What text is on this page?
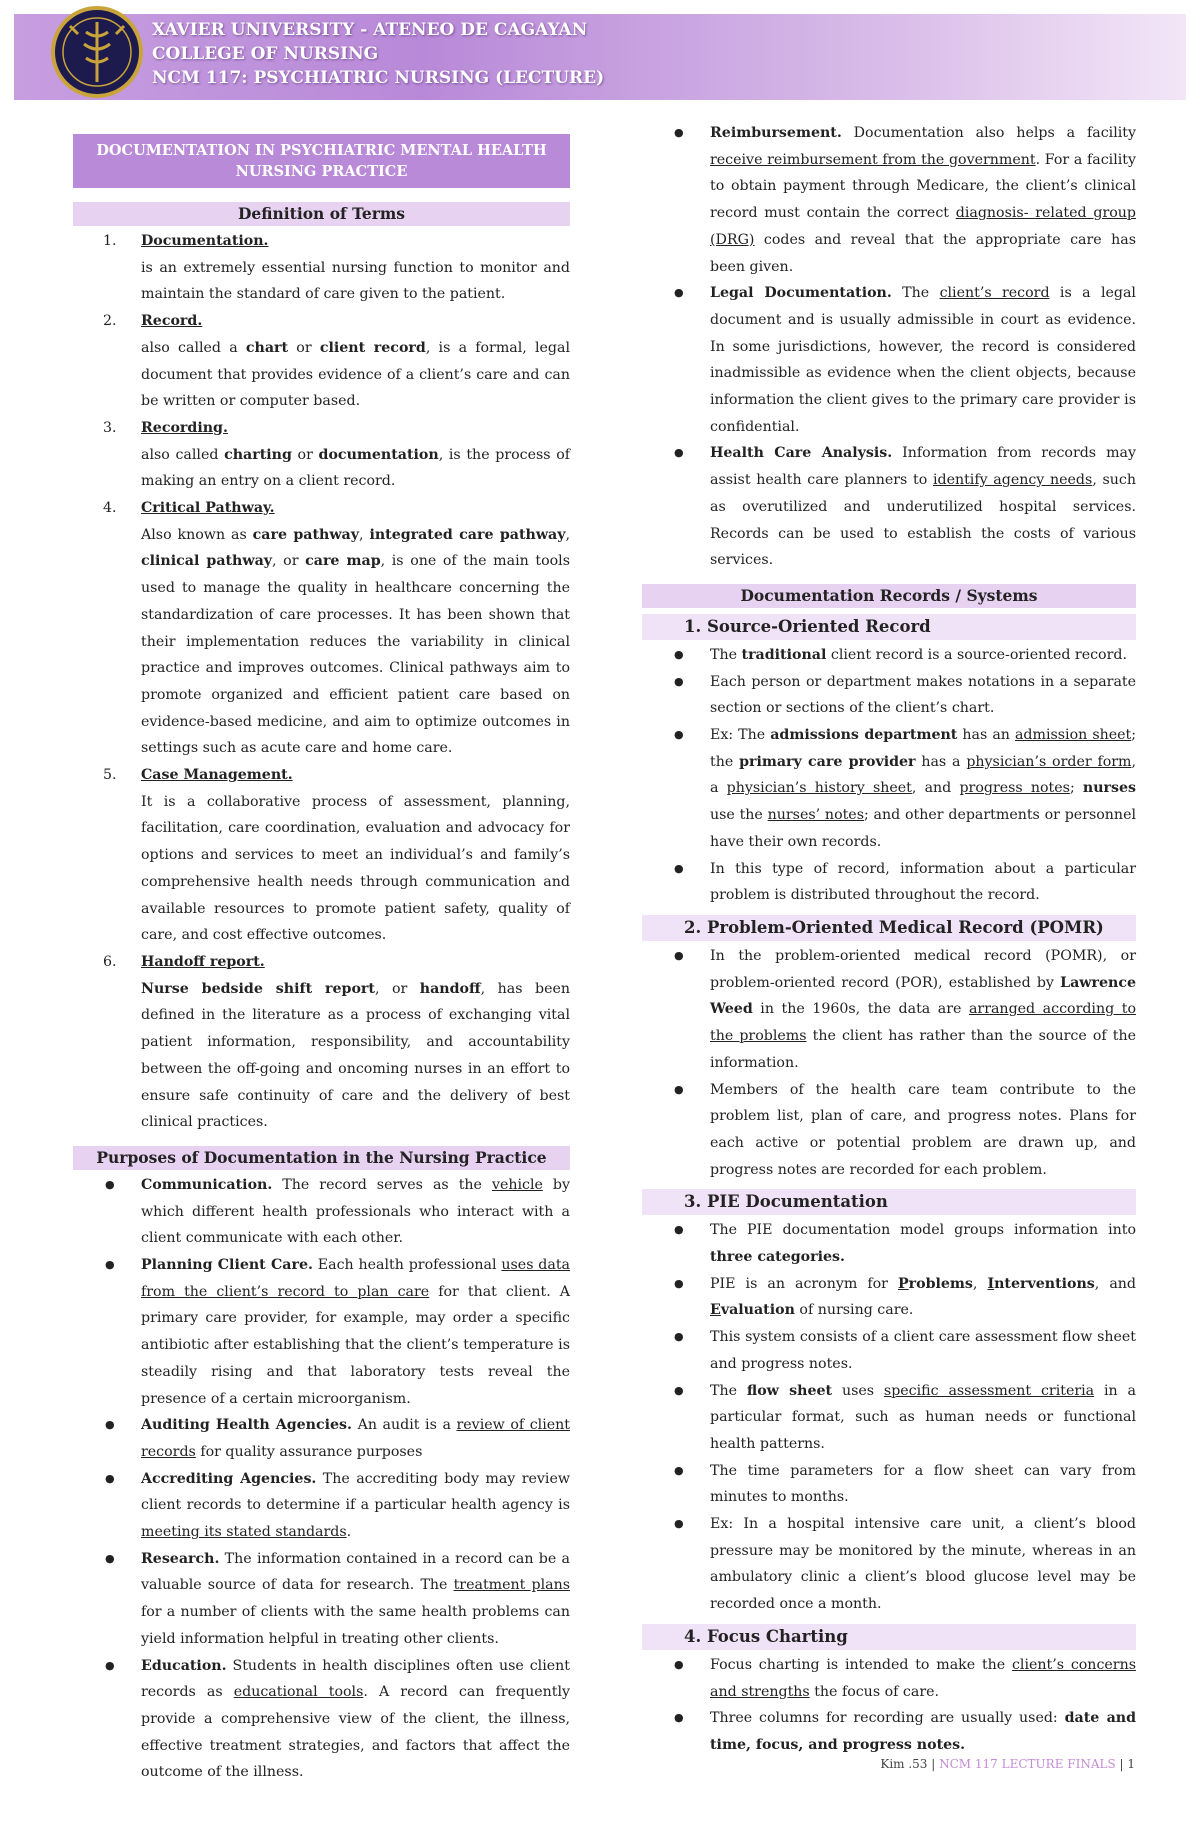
XAVIER UNIVERSITY - ATENEO DE CAGAYAN
COLLEGE OF NURSING
NCM 117: PSYCHIATRIC NURSING (LECTURE)
DOCUMENTATION IN PSYCHIATRIC MENTAL HEALTH NURSING PRACTICE
Definition of Terms
1. Documentation.

is an extremely essential nursing function to monitor and maintain the standard of care given to the patient.

2. Record.

also called a chart or client record, is a formal, legal document that provides evidence of a client’s care and can be written or computer based.

3. Recording.

also called charting or documentation, is the process of making an entry on a client record.

4. Critical Pathway.

Also known as care pathway, integrated care pathway, clinical pathway, or care map, is one of the main tools used to manage the quality in healthcare concerning the standardization of care processes. It has been shown that their implementation reduces the variability in clinical practice and improves outcomes. Clinical pathways aim to promote organized and efficient patient care based on evidence-based medicine, and aim to optimize outcomes in settings such as acute care and home care.

5. Case Management.

It is a collaborative process of assessment, planning, facilitation, care coordination, evaluation and advocacy for options and services to meet an individual’s and family’s comprehensive health needs through communication and available resources to promote patient safety, quality of care, and cost effective outcomes.

6. Handoff report.

Nurse bedside shift report, or handoff, has been defined in the literature as a process of exchanging vital patient information, responsibility, and accountability between the off-going and oncoming nurses in an effort to ensure safe continuity of care and the delivery of best clinical practices.

Purposes of Documentation in the Nursing Practice
● Communication. The record serves as the vehicle by which different health professionals who interact with a client communicate with each other.
● Planning Client Care. Each health professional uses data from the client’s record to plan care for that client. A primary care provider, for example, may order a specific antibiotic after establishing that the client’s temperature is steadily rising and that laboratory tests reveal the presence of a certain microorganism.
● Auditing Health Agencies. An audit is a review of client records for quality assurance purposes
● Accrediting Agencies. The accrediting body may review client records to determine if a particular health agency is meeting its stated standards.
● Research. The information contained in a record can be a valuable source of data for research. The treatment plans for a number of clients with the same health problems can yield information helpful in treating other clients.
● Education. Students in health disciplines often use client records as educational tools. A record can frequently provide a comprehensive view of the client, the illness, effective treatment strategies, and factors that affect the outcome of the illness.
● Reimbursement. Documentation also helps a facility receive reimbursement from the government. For a facility to obtain payment through Medicare, the client’s clinical record must contain the correct diagnosis- related group (DRG) codes and reveal that the appropriate care has been given.
● Legal Documentation. The client’s record is a legal document and is usually admissible in court as evidence. In some jurisdictions, however, the record is considered inadmissible as evidence when the client objects, because information the client gives to the primary care provider is confidential.
● Health Care Analysis. Information from records may assist health care planners to identify agency needs, such as overutilized and underutilized hospital services. Records can be used to establish the costs of various services.
Documentation Records / Systems
1. Source-Oriented Record
● The traditional client record is a source-oriented record.
● Each person or department makes notations in a separate section or sections of the client’s chart.
● Ex: The admissions department has an admission sheet; the primary care provider has a physician’s order form, a physician’s history sheet, and progress notes; nurses use the nurses’ notes; and other departments or personnel have their own records.
● In this type of record, information about a particular problem is distributed throughout the record.
2. Problem-Oriented Medical Record (POMR)
● In the problem-oriented medical record (POMR), or problem-oriented record (POR), established by Lawrence Weed in the 1960s, the data are arranged according to the problems the client has rather than the source of the information.
● Members of the health care team contribute to the problem list, plan of care, and progress notes. Plans for each active or potential problem are drawn up, and progress notes are recorded for each problem.
3. PIE Documentation
● The PIE documentation model groups information into three categories.
● PIE is an acronym for Problems, Interventions, and Evaluation of nursing care.
● This system consists of a client care assessment flow sheet and progress notes.
● The flow sheet uses specific assessment criteria in a particular format, such as human needs or functional health patterns.
● The time parameters for a flow sheet can vary from minutes to months.
● Ex: In a hospital intensive care unit, a client’s blood pressure may be monitored by the minute, whereas in an ambulatory clinic a client’s blood glucose level may be recorded once a month.
4. Focus Charting
● Focus charting is intended to make the client’s concerns and strengths the focus of care.
● Three columns for recording are usually used: date and time, focus, and progress notes.
Kim .53 | NCM 117 LECTURE FINALS | 1
